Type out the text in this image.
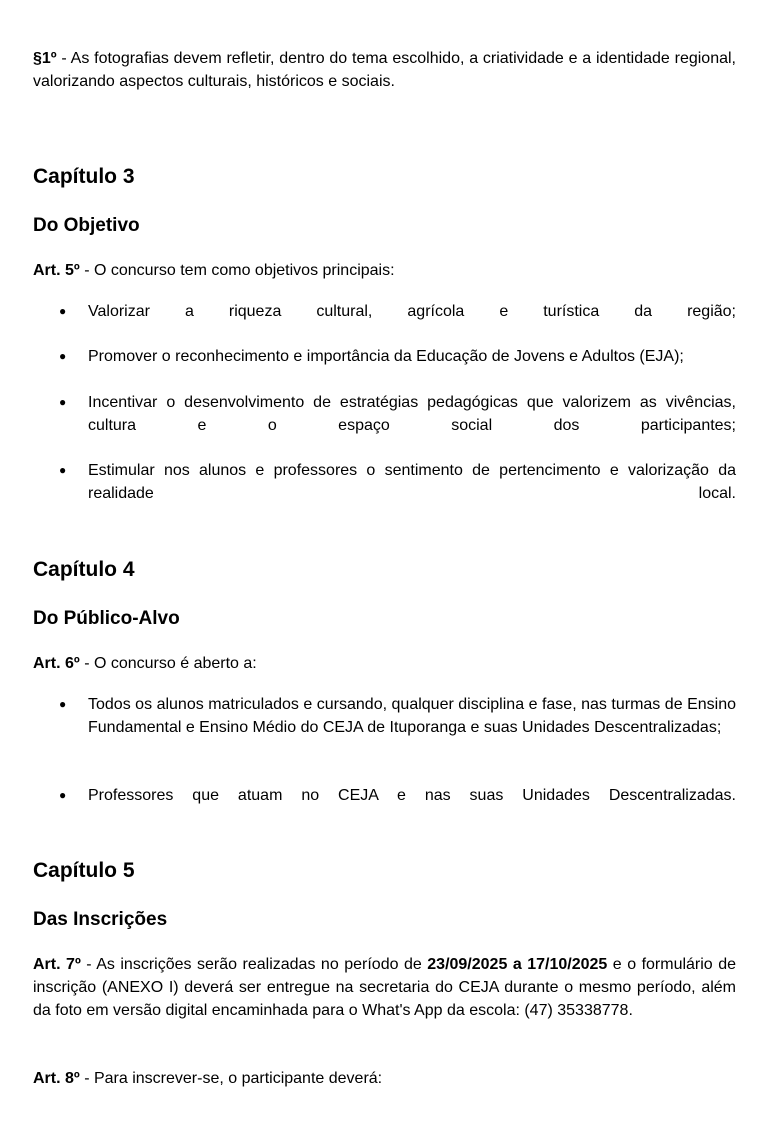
§1º - As fotografias devem refletir, dentro do tema escolhido, a criatividade e a identidade regional, valorizando aspectos culturais, históricos e sociais.

Capítulo 3
Do Objetivo

Art. 5º - O concurso tem como objetivos principais:

● Valorizar a riqueza cultural, agrícola e turística da região;
● Promover o reconhecimento e importância da Educação de Jovens e Adultos (EJA);
● Incentivar o desenvolvimento de estratégias pedagógicas que valorizem as vivências, cultura e o espaço social dos participantes;
● Estimular nos alunos e professores o sentimento de pertencimento e valorização da realidade local.
Capítulo 4
Do Público-Alvo

Art. 6º - O concurso é aberto a:

● Todos os alunos matriculados e cursando, qualquer disciplina e fase, nas turmas de Ensino Fundamental e Ensino Médio do CEJA de Ituporanga e suas Unidades Descentralizadas;
● Professores que atuam no CEJA e nas suas Unidades Descentralizadas.
Capítulo 5
Das Inscrições

Art. 7º - As inscrições serão realizadas no período de 23/09/2025 a 17/10/2025 e o formulário de inscrição (ANEXO I) deverá ser entregue na secretaria do CEJA durante o mesmo período, além da foto em versão digital encaminhada para o What's App da escola: (47) 35338778.

Art. 8º - Para inscrever-se, o participante deverá:
